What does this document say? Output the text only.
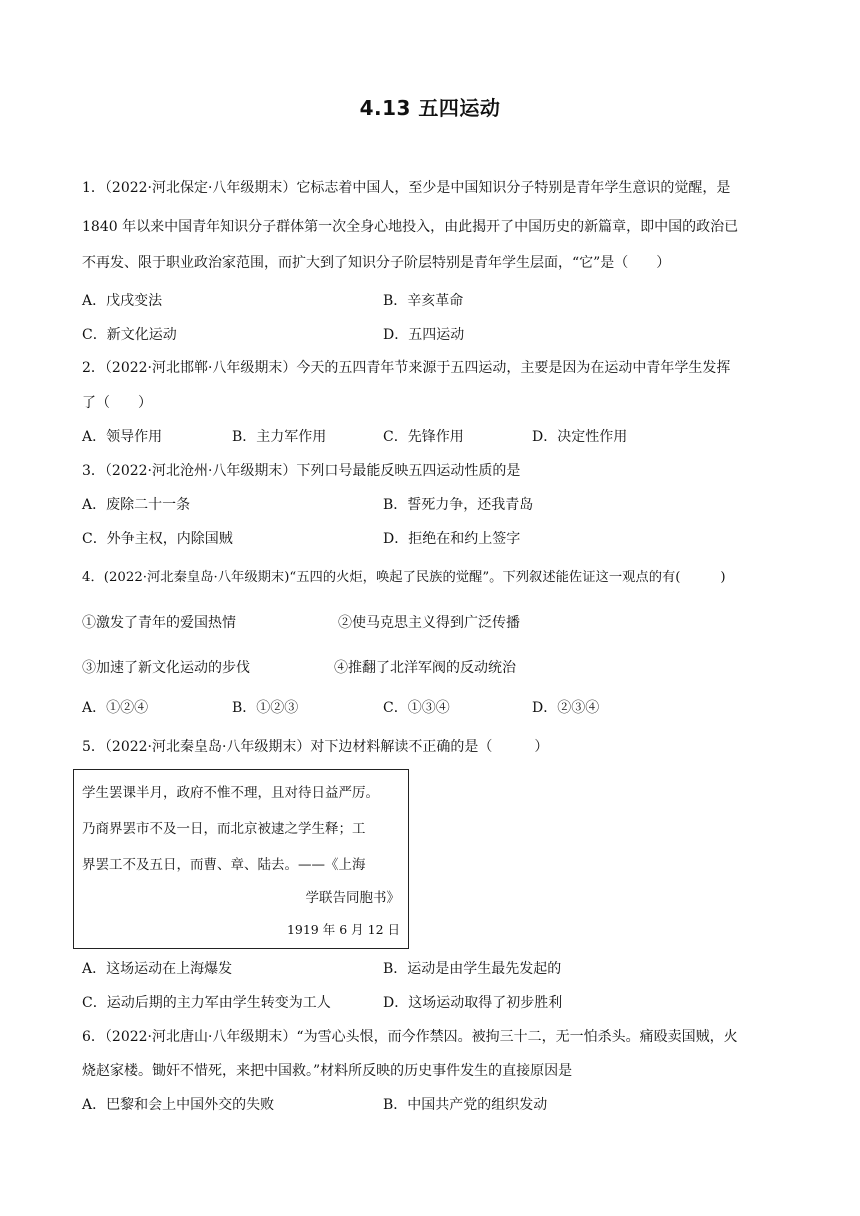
4.13 五四运动
1．（2022·河北保定·八年级期末）它标志着中国人，至少是中国知识分子特别是青年学生意识的觉醒，是
1840 年以来中国青年知识分子群体第一次全身心地投入，由此揭开了中国历史的新篇章，即中国的政治已
不再发、限于职业政治家范围，而扩大到了知识分子阶层特别是青年学生层面，“它”是（　　）
A．戊戌变法	B．辛亥革命
C．新文化运动	D．五四运动
2．（2022·河北邯郸·八年级期末）今天的五四青年节来源于五四运动，主要是因为在运动中青年学生发挥
了（　　）
A．领导作用	B．主力军作用	C．先锋作用	D．决定性作用
3．（2022·河北沧州·八年级期末）下列口号最能反映五四运动性质的是
A．废除二十一条	B．誓死力争，还我青岛
C．外争主权，内除国贼	D．拒绝在和约上签字
4．(2022·河北秦皇岛·八年级期末)“五四的火炬，唤起了民族的觉醒”。下列叙述能佐证这一观点的有(　　　)
①激发了青年的爱国热情	②使马克思主义得到广泛传播
③加速了新文化运动的步伐	④推翻了北洋军阀的反动统治
A．①②④	B．①②③	C．①③④	D．②③④
5．（2022·河北秦皇岛·八年级期末）对下边材料解读不正确的是（　　　）
学生罢课半月，政府不惟不理，且对待日益严厉。
乃商界罢市不及一日，而北京被逮之学生释；工
界罢工不及五日，而曹、章、陆去。——《上海
学联告同胞书》
1919 年 6 月 12 日
A．这场运动在上海爆发	B．运动是由学生最先发起的
C．运动后期的主力军由学生转变为工人	D．这场运动取得了初步胜利
6．（2022·河北唐山·八年级期末）“为雪心头恨，而今作禁囚。被拘三十二，无一怕杀头。痛殴卖国贼，火
烧赵家楼。锄奸不惜死，来把中国救。”材料所反映的历史事件发生的直接原因是
A．巴黎和会上中国外交的失败	B．中国共产党的组织发动
